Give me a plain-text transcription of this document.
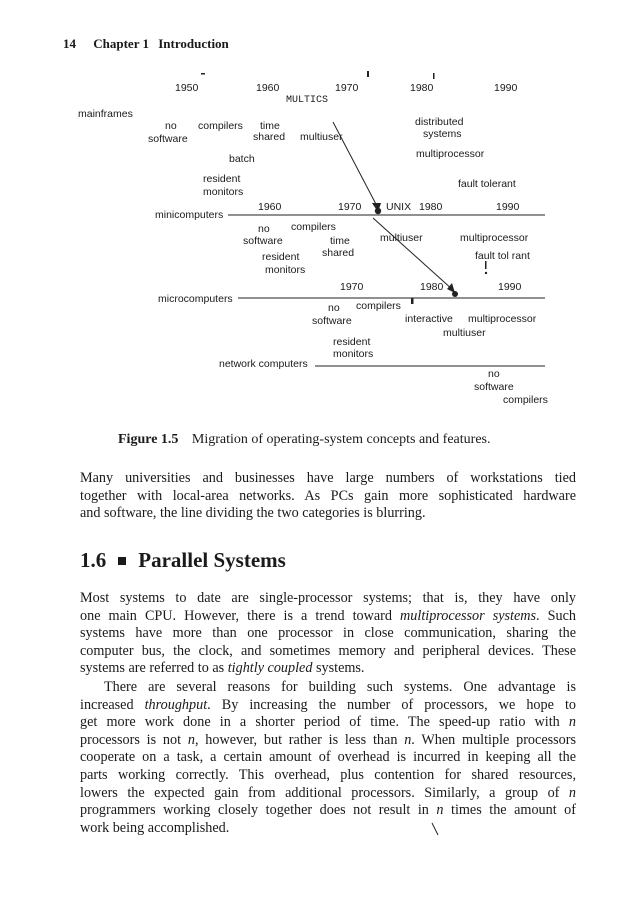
14 Chapter 1 Introduction
1950	1960	1970	1980	1990
MULTICS
mainframes
no compilers time
software	shared multiuser
batch
resident
monitors
distributed
systems
multiprocessor
fault tolerant
minicomputers
1960	1970 UNIX 1980	1990
no compilers
software	time
shared
resident
monitors
multiuser	multiprocessor
fault tol rant
microcomputers
1970	1980	1990
no compilers
software	interactive multiprocessor
multiuser
resident
monitors
network computers
no
software
compilers
Figure 1.5 Migration of operating-system concepts and features.
Many universities and businesses have large numbers of workstations tied
together with local-area networks. As PCs gain more sophisticated hardware
and software, the line dividing the two categories is blurring.
1.6 Parallel Systems
Most systems to date are single-processor systems; that is, they have only
one main CPU. However, there is a trend toward multiprocessor systems. Such
systems have more than one processor in close communication, sharing the
computer bus, the clock, and sometimes memory and peripheral devices. These
systems are referred to as tightly coupled systems.
There are several reasons for building such systems. One advantage is
increased throughput. By increasing the number of processors, we hope to
get more work done in a shorter period of time. The speed-up ratio with n
processors is not n, however, but rather is less than n. When multiple processors
cooperate on a task, a certain amount of overhead is incurred in keeping all the
parts working correctly. This overhead, plus contention for shared resources,
lowers the expected gain from additional processors. Similarly, a group of n
programmers working closely together does not result in n times the amount of
work being accomplished.
